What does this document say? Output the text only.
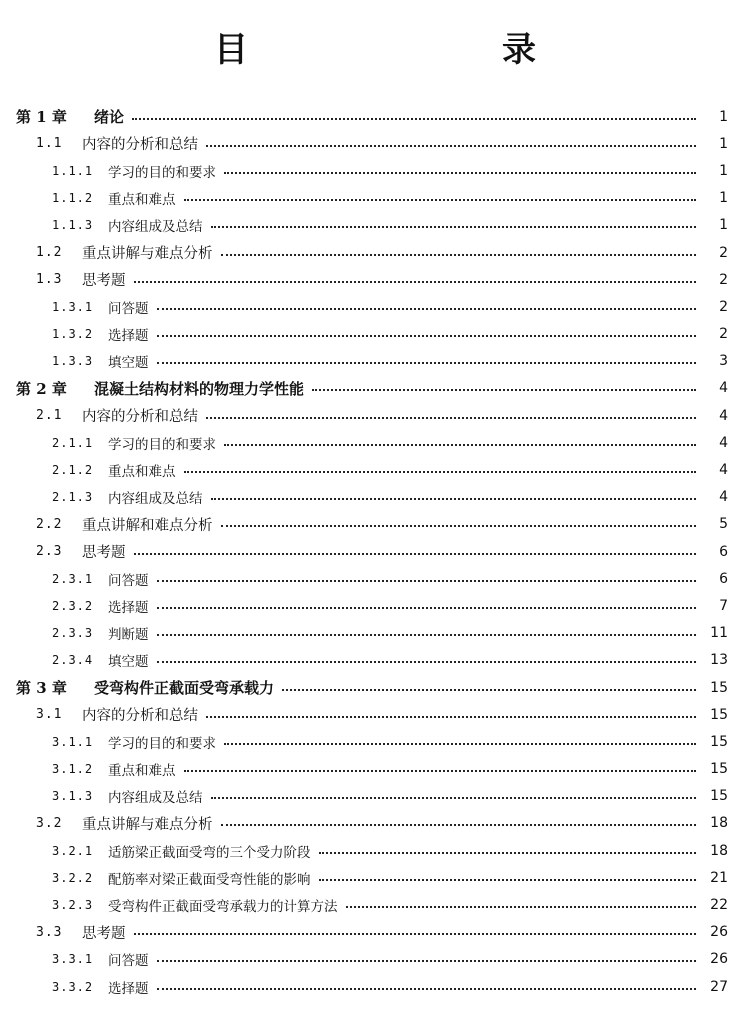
目　　录
第 1 章	绪论	1
1.1	内容的分析和总结	1
1.1.1	学习的目的和要求	1
1.1.2	重点和难点	1
1.1.3	内容组成及总结	1
1.2	重点讲解与难点分析	2
1.3	思考题	2
1.3.1	问答题	2
1.3.2	选择题	2
1.3.3	填空题	3
第 2 章	混凝土结构材料的物理力学性能	4
2.1	内容的分析和总结	4
2.1.1	学习的目的和要求	4
2.1.2	重点和难点	4
2.1.3	内容组成及总结	4
2.2	重点讲解和难点分析	5
2.3	思考题	6
2.3.1	问答题	6
2.3.2	选择题	7
2.3.3	判断题	11
2.3.4	填空题	13
第 3 章	受弯构件正截面受弯承载力	15
3.1	内容的分析和总结	15
3.1.1	学习的目的和要求	15
3.1.2	重点和难点	15
3.1.3	内容组成及总结	15
3.2	重点讲解与难点分析	18
3.2.1	适筋梁正截面受弯的三个受力阶段	18
3.2.2	配筋率对梁正截面受弯性能的影响	21
3.2.3	受弯构件正截面受弯承载力的计算方法	22
3.3	思考题	26
3.3.1	问答题	26
3.3.2	选择题	27
